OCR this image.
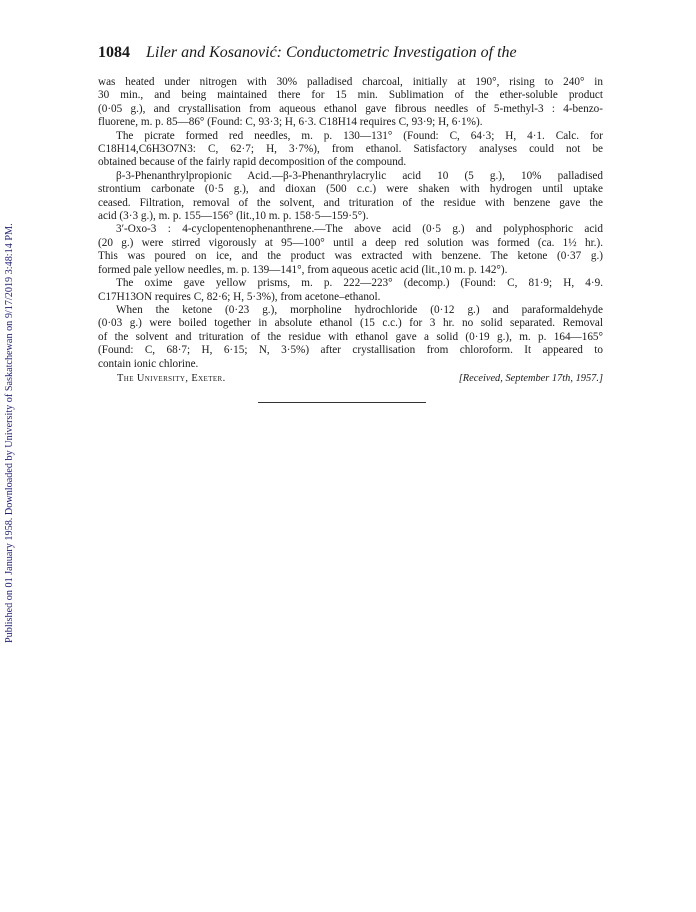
Published on 01 January 1958. Downloaded by University of Saskatchewan on 9/17/2019 3:48:14 PM.
1084 Liler and Kosanović: Conductometric Investigation of the

was heated under nitrogen with 30% palladised charcoal, initially at 190°, rising to 240° in
30 min., and being maintained there for 15 min. Sublimation of the ether-soluble product
(0·05 g.), and crystallisation from aqueous ethanol gave fibrous needles of 5-methyl-3 : 4-benzo-
fluorene, m. p. 85—86° (Found: C, 93·3; H, 6·3. C18H14 requires C, 93·9; H, 6·1%).

The picrate formed red needles, m. p. 130—131° (Found: C, 64·3; H, 4·1. Calc. for
C18H14,C6H3O7N3: C, 62·7; H, 3·7%), from ethanol. Satisfactory analyses could not be
obtained because of the fairly rapid decomposition of the compound.

β-3-Phenanthrylpropionic Acid.—β-3-Phenanthrylacrylic acid 10 (5 g.), 10% palladised
strontium carbonate (0·5 g.), and dioxan (500 c.c.) were shaken with hydrogen until uptake
ceased. Filtration, removal of the solvent, and trituration of the residue with benzene gave the
acid (3·3 g.), m. p. 155—156° (lit.,10 m. p. 158·5—159·5°).

3′-Oxo-3 : 4-cyclopentenophenanthrene.—The above acid (0·5 g.) and polyphosphoric acid
(20 g.) were stirred vigorously at 95—100° until a deep red solution was formed (ca. 1½ hr.).
This was poured on ice, and the product was extracted with benzene. The ketone (0·37 g.)
formed pale yellow needles, m. p. 139—141°, from aqueous acetic acid (lit.,10 m. p. 142°).

The oxime gave yellow prisms, m. p. 222—223° (decomp.) (Found: C, 81·9; H, 4·9.
C17H13ON requires C, 82·6; H, 5·3%), from acetone–ethanol.

When the ketone (0·23 g.), morpholine hydrochloride (0·12 g.) and paraformaldehyde
(0·03 g.) were boiled together in absolute ethanol (15 c.c.) for 3 hr. no solid separated. Removal
of the solvent and trituration of the residue with ethanol gave a solid (0·19 g.), m. p. 164—165°
(Found: C, 68·7; H, 6·15; N, 3·5%) after crystallisation from chloroform. It appeared to
contain ionic chlorine.

The University, Exeter.	[Received, September 17th, 1957.]
